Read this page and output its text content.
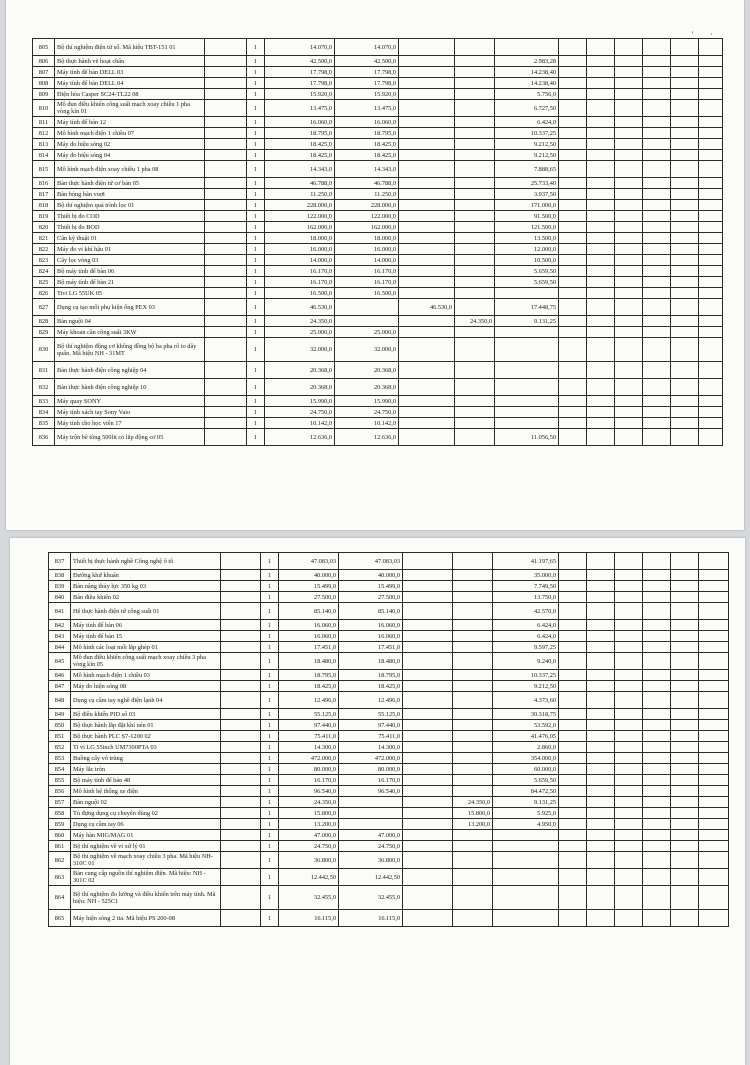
' ·
805	Bộ thí nghiệm điện tử số. Mã hiệu TBT-151 01		1	14.070,0	14.070,0									
806	Bộ thực hành vẽ hoạt chẩn		1	42.500,0	42.500,0			2.983,28						
807	Máy tính để bàn DELL 03		1	17.798,0	17.798,0			14.238,40						
808	Máy tính để bàn DELL 04		1	17.798,0	17.798,0			14.238,40						
809	Điện hòa Casper SC24-TL22 08		1	15.920,0	15.920,0			5.756,0						
810	Mô đun điều khiển công suất mạch xoay chiều 1 pha vòng kín 01		1	13.475,0	13.475,0			6.727,50						
811	Máy tính để bàn 12		1	16.060,0	16.060,0			6.424,0						
812	Mô hình mạch điện 1 chiều 07		1	18.795,0	18.795,0			10.337,25						
813	Máy đo hiệu sóng 02		1	18.425,0	18.425,0			9.212,50						
814	Máy đo hiệu sóng 04		1	18.425,0	18.425,0			9.212,50						
815	Mô hình mạch điện xoay chiều 1 pha 08		1	14.343,0	14.343,0			7.888,65						
816	Bàn thực hành điện tử cơ bản 05		1	46.788,0	46.788,0			25.733,40						
817	Bàn bóng bàn vuợt		1	11.250,0	11.250,0			3.937,50						
818	Bộ thí nghiệm quá trình lọc 01		1	228.000,0	228.000,0			171.000,0						
819	Thiết bị đo COD		1	122.000,0	122.000,0			91.500,0						
820	Thiết bị đo BOD		1	162.000,0	162.000,0			121.500,0						
821	Cân kỹ thuật 01		1	18.000,0	18.000,0			13.500,0						
822	Máy đo vi khí hậu 01		1	16.000,0	16.000,0			12.000,0						
823	Cây lọc vòng 03		1	14.000,0	14.000,0			10.500,0						
824	Bộ máy tính để bàn 06		1	16.170,0	16.170,0			5.659,50						
825	Bộ máy tính để bàn 21		1	16.170,0	16.170,0			5.659,50						
826	Tivi LG 55UK 05		1	16.500,0	16.500,0									
827	Dụng cụ tạo mối phụ kiện ống PEX 03		1	46.530,0		46.530,0		17.448,75						
828	Bàn nguội 04		1	24.350,0			24.350,0	9.131,25						
829	Máy khoan cần công suất 3KW		1	25.000,0	25.000,0									
830	Bộ thí nghiệm động cơ không đồng bộ ba pha rô to dây quấn. Mã hiệu NH - 31MT		1	32.000,0	32.000,0									
831	Bàn thực hành điện công nghiệp 04		1	20.368,0	20.368,0									
832	Bàn thực hành điện công nghiệp 10		1	20.368,0	20.368,0									
833	Máy quay SONY		1	15.990,0	15.990,0									
834	Máy tính xách tay Sony Vaio		1	24.750,0	24.750,0									
835	Máy tính cho học viên 17		1	10.142,0	10.142,0									
836	Máy trộn bê tông 500lit có lắp động cơ 05		1	12.636,0	12.636,0			11.056,50						
837	Thiết bị thực hành nghề Công nghệ ô tô		1	47.083,03	47.083,03			41.197,65						
838	Đường khử khuẩn		1	40.000,0	40.000,0			35.000,0						
839	Bàn nâng thủy lực 350 kg 03		1	15.499,0	15.499,0			7.749,50						
840	Bàn điều khiển 02		1	27.500,0	27.500,0			13.750,0						
841	Hệ thực hành điện tử công suất 01		1	85.140,0	85.140,0			42.570,0						
842	Máy tính để bàn 06		1	16.060,0	16.060,0			6.424,0						
843	Máy tính để bàn 15		1	16.060,0	16.060,0			6.424,0						
844	Mô hình các loại mối lắp ghép 01		1	17.451,0	17.451,0			9.597,25						
845	Mô đun điều khiển công suất mạch xoay chiều 3 pha vòng kín 05		1	18.480,0	18.480,0			9.240,0						
846	Mô hình mạch điện 1 chiều 03		1	18.795,0	18.795,0			10.337,25						
847	Máy đo hiện sóng 08		1	18.425,0	18.425,0			9.212,50						
848	Dụng cụ cầm tay nghề điện lạnh 04		1	12.496,0	12.496,0			4.373,60						
849	Bộ điều khiển PID số 03		1	55.125,0	55.125,0			30.318,75						
850	Bộ thực hành lắp đặt khí nén 01		1	97.440,0	97.440,0			53.592,0						
851	Bộ thực hành PLC S7-1200 02		1	75.411,0	75.411,0			41.476,05						
852	Ti vi LG 55inch UM7300PTA 03		1	14.300,0	14.300,0			2.860,0						
853	Buồng cấy vô trùng		1	472.000,0	472.000,0			354.000,0						
854	Máy lắc tròn		1	80.000,0	80.000,0			60.000,0						
855	Bộ máy tính để bàn 48		1	16.170,0	16.170,0			5.659,50						
856	Mô hình hệ thống xe điện		1	96.540,0	96.540,0			84.472,50						
857	Bàn nguội 02		1	24.350,0			24.350,0	9.131,25						
858	Tủ đựng dụng cụ chuyên dùng 02		1	15.800,0			15.800,0	5.925,0						
859	Dụng cụ cầm tay 06		1	13.200,0			13.200,0	4.950,0						
860	Máy hàn MIG/MAG 01		1	47.000,0	47.000,0									
861	Bộ thí nghiệm về vi xử lý 01		1	24.750,0	24.750,0									
862	Bộ thí nghiệm về mạch xoay chiều 3 pha. Mã hiệu NH-310C 01		1	36.800,0	36.800,0									
863	Bàn cung cấp nguồn thí nghiệm điện. Mã hiệu: NH - 301C 02		1	12.442,50	12.442,50									
864	Bộ thí nghiệm đo lường và điều khiển trên máy tính. Mã hiệu: NH - 525C1		1	32.455,0	32.455,0									
865	Máy hiện sóng 2 tia. Mã hiệu PS 200-08		1	16.115,0	16.115,0									
